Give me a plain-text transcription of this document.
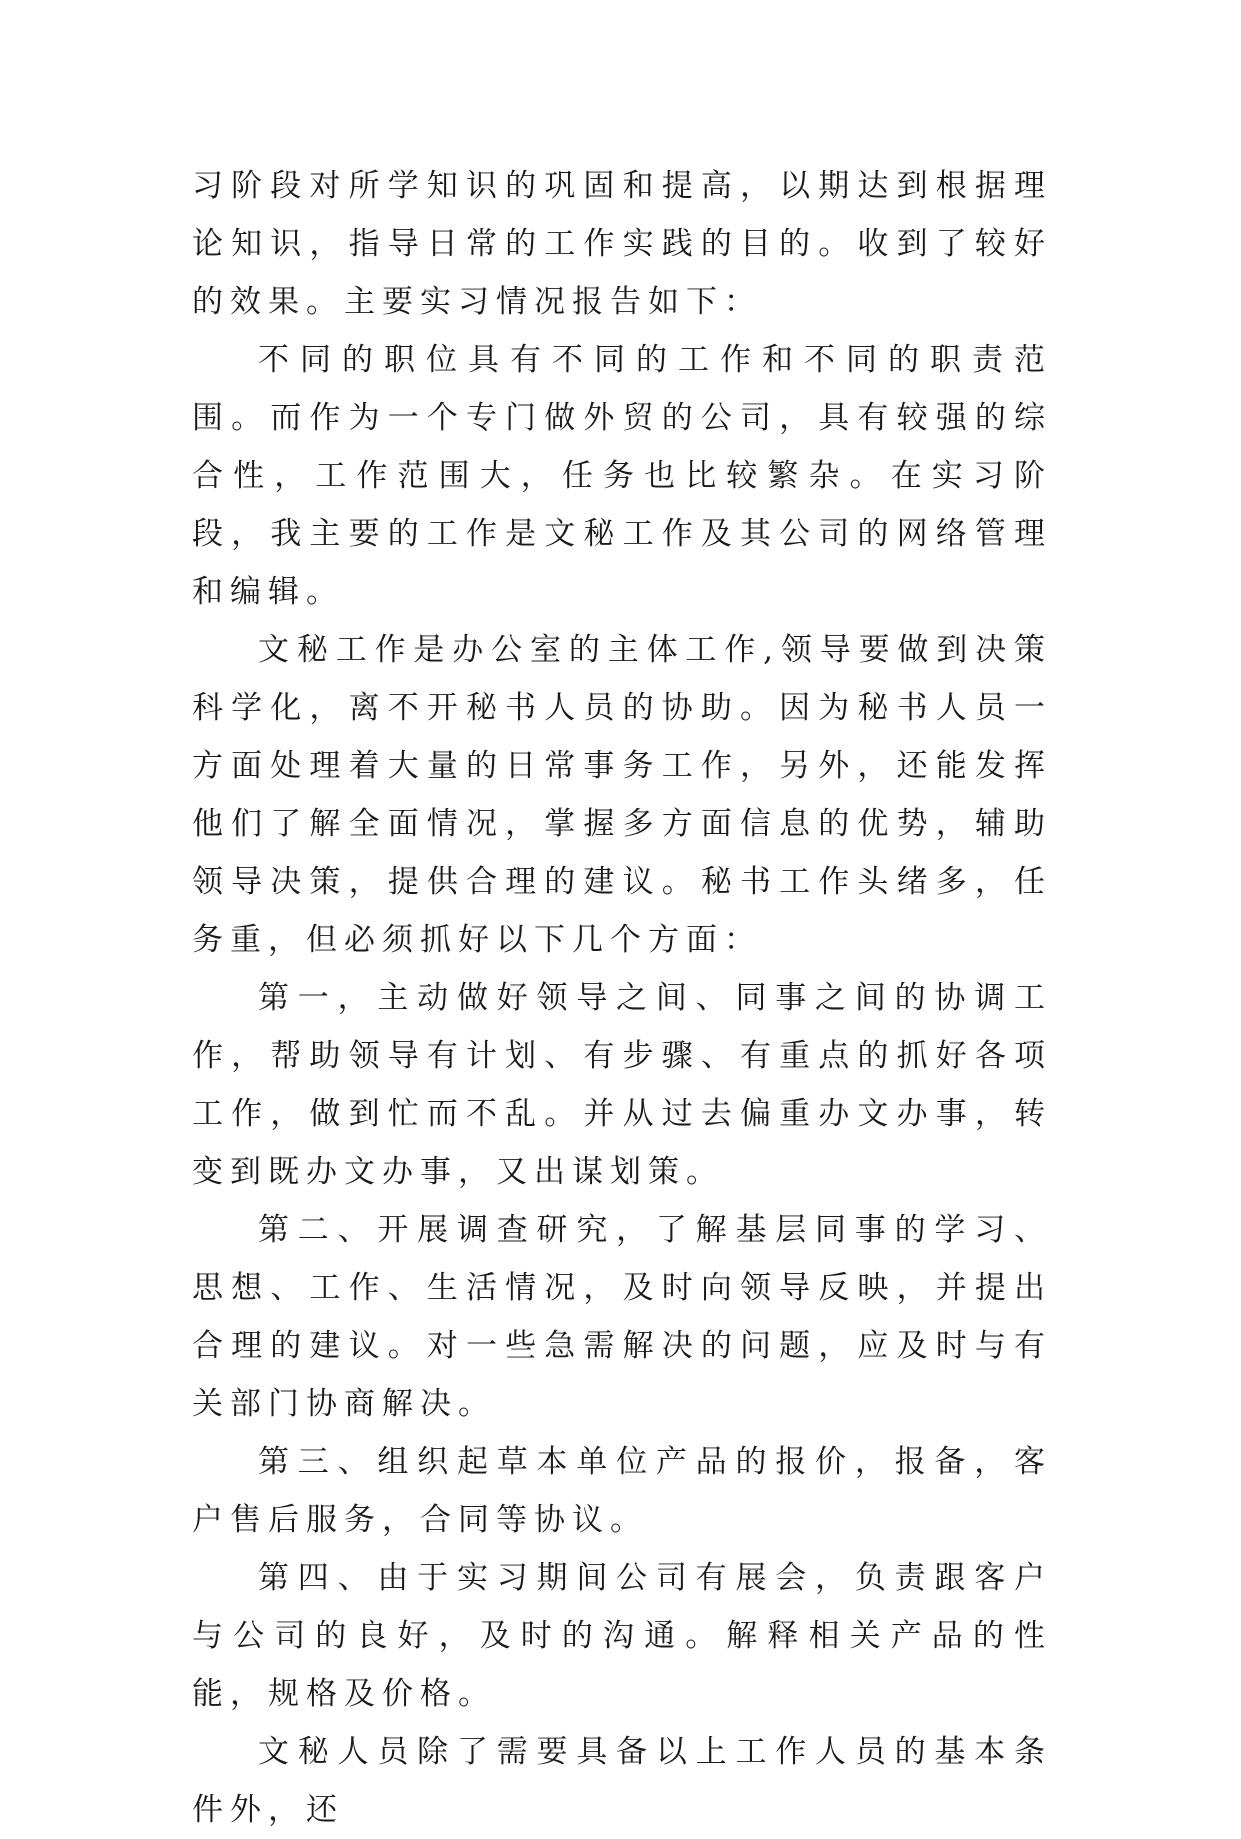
习阶段对所学知识的巩固和提高，以期达到根据理论知识，指导日常的工作实践的目的。收到了较好的效果。主要实习情况报告如下：

不同的职位具有不同的工作和不同的职责范围。而作为一个专门做外贸的公司，具有较强的综合性，工作范围大，任务也比较繁杂。在实习阶段，我主要的工作是文秘工作及其公司的网络管理和编辑。

文秘工作是办公室的主体工作,领导要做到决策科学化，离不开秘书人员的协助。因为秘书人员一方面处理着大量的日常事务工作，另外，还能发挥他们了解全面情况，掌握多方面信息的优势，辅助领导决策，提供合理的建议。秘书工作头绪多，任务重，但必须抓好以下几个方面：

第一，主动做好领导之间、同事之间的协调工作，帮助领导有计划、有步骤、有重点的抓好各项工作，做到忙而不乱。并从过去偏重办文办事，转变到既办文办事，又出谋划策。

第二、开展调查研究，了解基层同事的学习、思想、工作、生活情况，及时向领导反映，并提出合理的建议。对一些急需解决的问题，应及时与有关部门协商解决。

第三、组织起草本单位产品的报价，报备，客户售后服务，合同等协议。

第四、由于实习期间公司有展会，负责跟客户与公司的良好，及时的沟通。解释相关产品的性能，规格及价格。

文秘人员除了需要具备以上工作人员的基本条件外，还
